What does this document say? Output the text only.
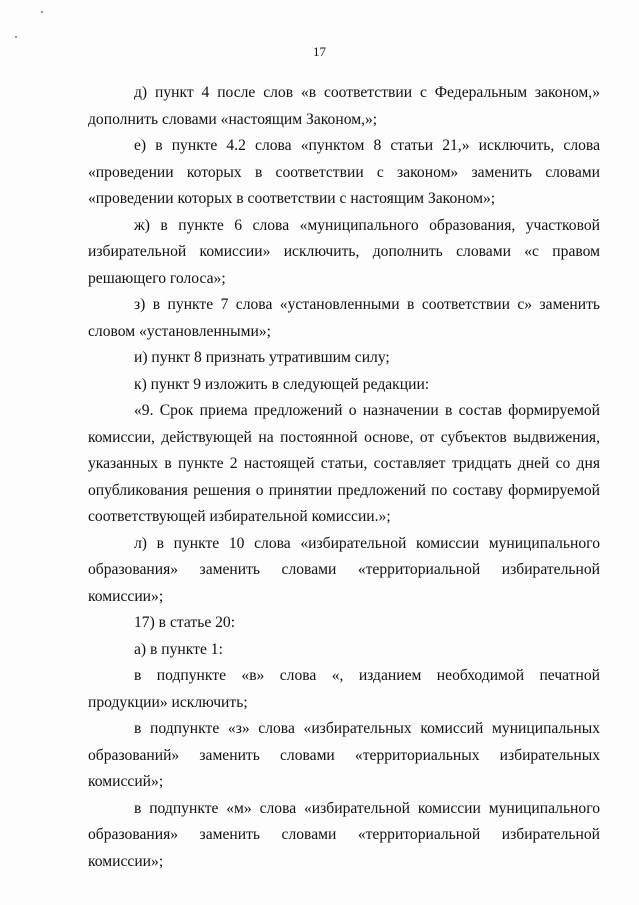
17

д) пункт 4 после слов «в соответствии с Федеральным законом,» дополнить словами «настоящим Законом,»;

е) в пункте 4.2 слова «пунктом 8 статьи 21,» исключить, слова «проведении которых в соответствии с законом» заменить словами «проведении которых в соответствии с настоящим Законом»;

ж) в пункте 6 слова «муниципального образования, участковой избирательной комиссии» исключить, дополнить словами «с правом решающего голоса»;

з) в пункте 7 слова «установленными в соответствии с» заменить словом «установленными»;

и) пункт 8 признать утратившим силу;

к) пункт 9 изложить в следующей редакции:

«9. Срок приема предложений о назначении в состав формируемой комиссии, действующей на постоянной основе, от субъектов выдвижения, указанных в пункте 2 настоящей статьи, составляет тридцать дней со дня опубликования решения о принятии предложений по составу формируемой соответствующей избирательной комиссии.»;

л) в пункте 10 слова «избирательной комиссии муниципального образования» заменить словами «территориальной избирательной комиссии»;

17) в статье 20:

а) в пункте 1:

в подпункте «в» слова «, изданием необходимой печатной продукции» исключить;

в подпункте «з» слова «избирательных комиссий муниципальных образований» заменить словами «территориальных избирательных комиссий»;

в подпункте «м» слова «избирательной комиссии муниципального образования» заменить словами «территориальной избирательной комиссии»;
